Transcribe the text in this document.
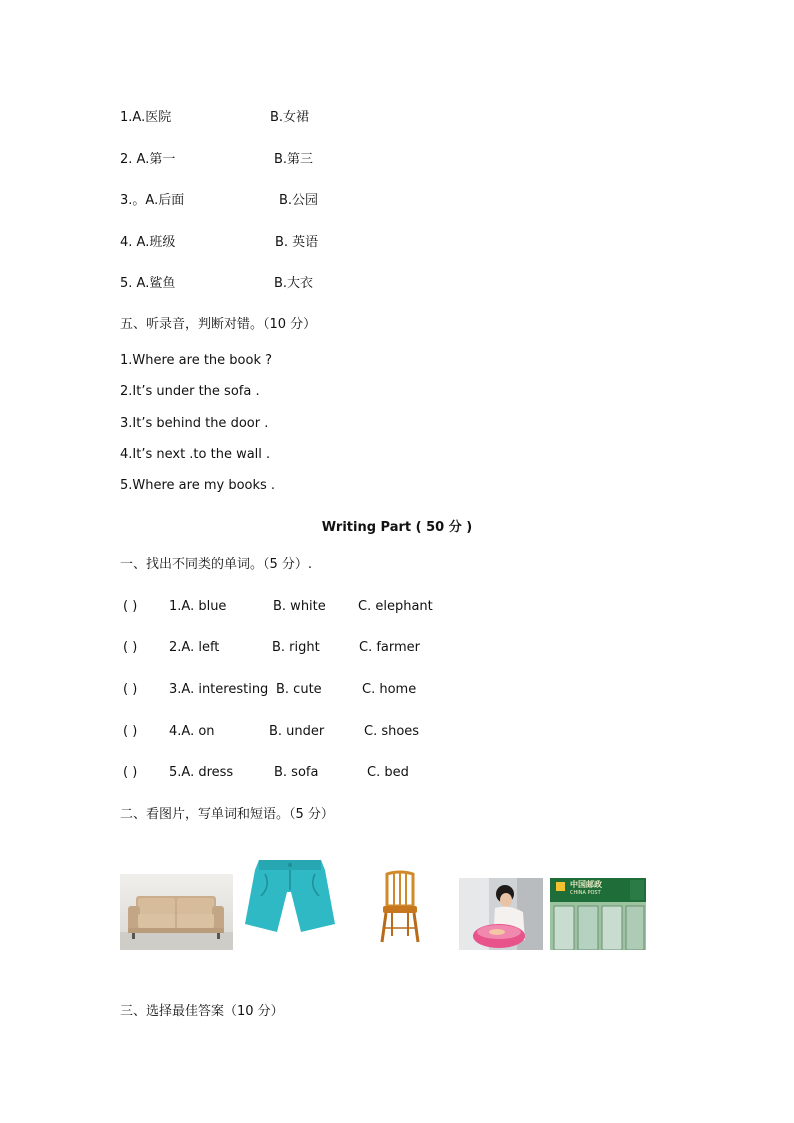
1.A.医院	B.女裙
2. A.第一	B.第三
3.。A.后面	B.公园
4. A.班级	B. 英语
5. A.鲨鱼	B.大衣
五、听录音，判断对错。（10 分）
1.Where are the book ?
2.It’s under the sofa .
3.It’s behind the door .
4.It’s next .to the wall .
5.Where are my books .
Writing Part ( 50 分 )
一、找出不同类的单词。（5 分）.
( ) 1.A. blue	B. white C. elephant
( ) 2.A. left	B. right	C. farmer
( ) 3.A. interesting B. cute	C. home
( ) 4.A. on	B. under	C. shoes
( ) 5.A. dress	B. sofa	C. bed
二、看图片，写单词和短语。（5 分）
中国邮政
CHINA POST
三、选择最佳答案（10 分）
